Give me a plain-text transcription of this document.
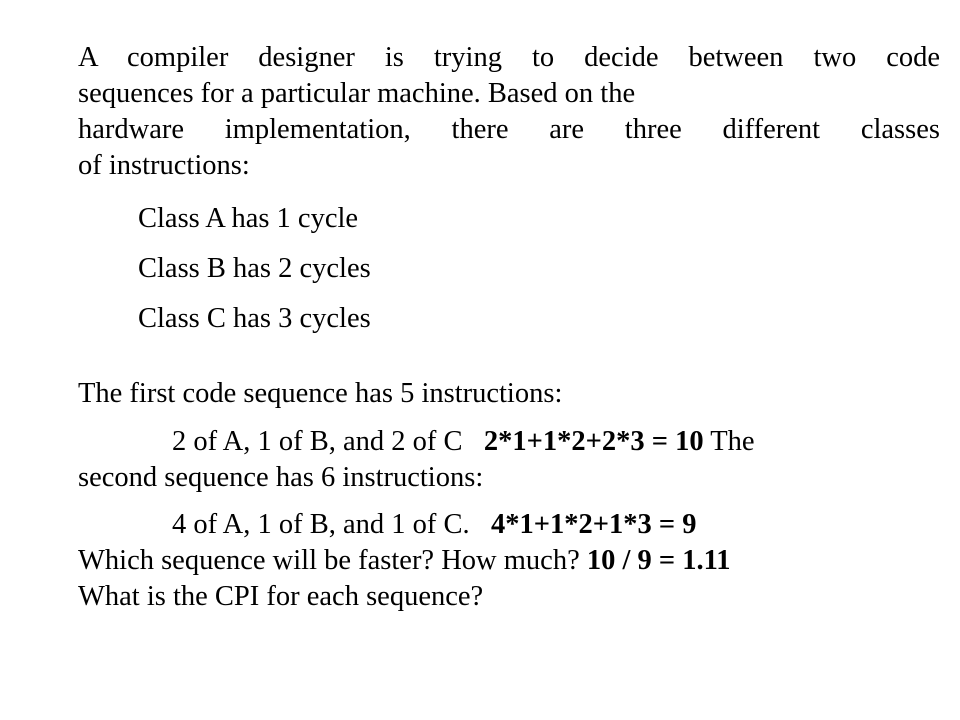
A compiler designer is trying to decide between two code
sequences for a particular machine. Based on the
hardware implementation, there are three different classes
of instructions:

Class A has 1 cycle

Class B has 2 cycles

Class C has 3 cycles

The first code sequence has 5 instructions:

2 of A, 1 of B, and 2 of C 2*1+1*2+2*3 = 10 The

second sequence has 6 instructions:

4 of A, 1 of B, and 1 of C. 4*1+1*2+1*3 = 9

Which sequence will be faster? How much? 10 / 9 = 1.11

What is the CPI for each sequence?
